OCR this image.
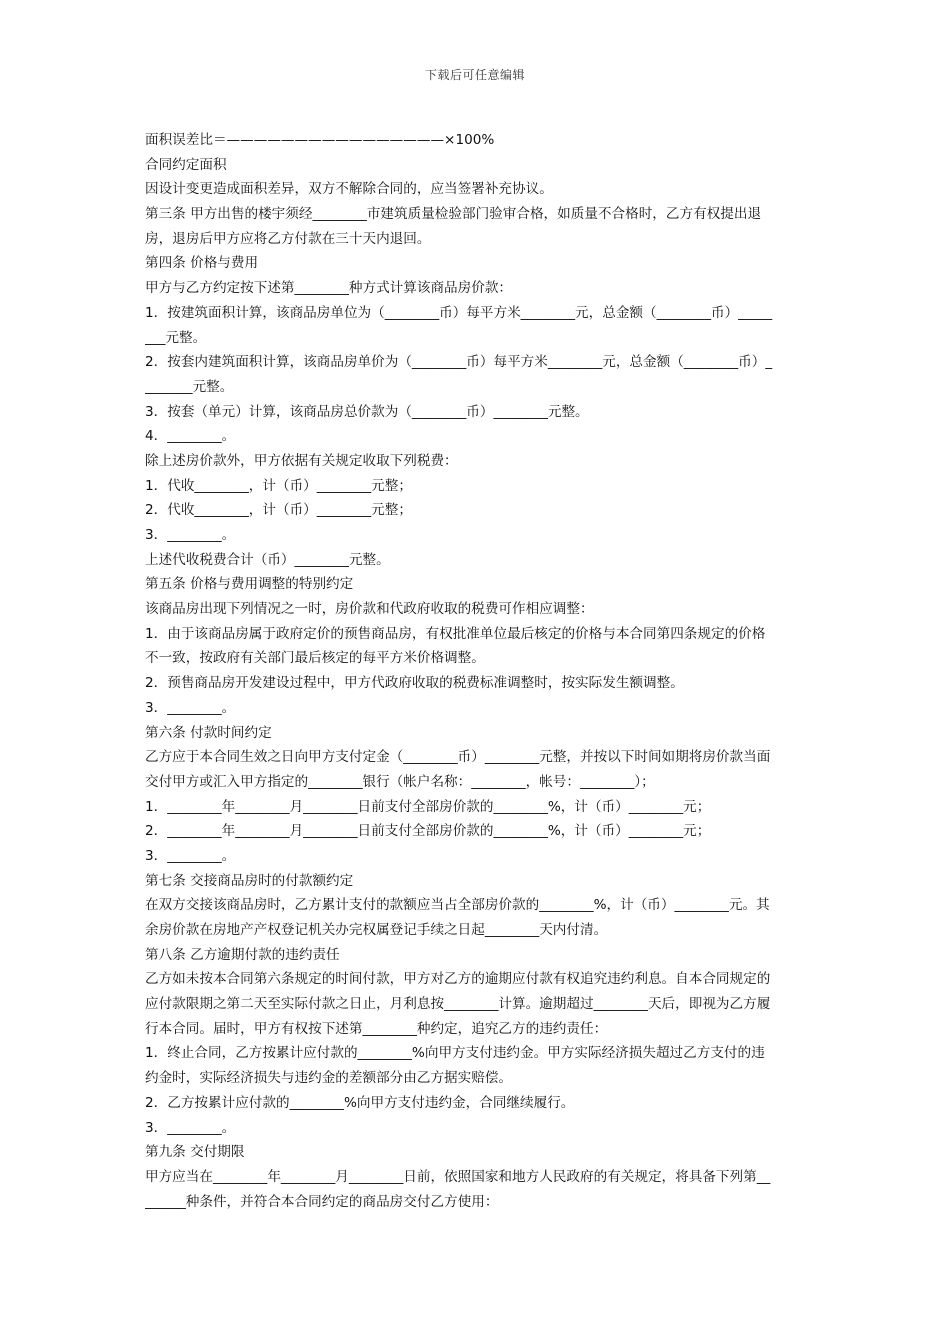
下载后可任意编辑
面积误差比＝————————————————×100%
合同约定面积
因设计变更造成面积差异，双方不解除合同的，应当签署补充协议。
第三条 甲方出售的楼宇须经________市建筑质量检验部门验审合格，如质量不合格时，乙方有权提出退
房，退房后甲方应将乙方付款在三十天内退回。
第四条 价格与费用
甲方与乙方约定按下述第________种方式计算该商品房价款：
1．按建筑面积计算，该商品房单位为（________币）每平方米________元，总金额（________币）_____
___元整。
2．按套内建筑面积计算，该商品房单价为（________币）每平方米________元，总金额（________币）_
_______元整。
3．按套（单元）计算，该商品房总价款为（________币）________元整。
4．________。
除上述房价款外，甲方依据有关规定收取下列税费：
1．代收________，计（币）________元整；
2．代收________，计（币）________元整；
3．________。
上述代收税费合计（币）________元整。
第五条 价格与费用调整的特别约定
该商品房出现下列情况之一时，房价款和代政府收取的税费可作相应调整：
1．由于该商品房属于政府定价的预售商品房，有权批准单位最后核定的价格与本合同第四条规定的价格
不一致，按政府有关部门最后核定的每平方米价格调整。
2．预售商品房开发建设过程中，甲方代政府收取的税费标准调整时，按实际发生额调整。
3．________。
第六条 付款时间约定
乙方应于本合同生效之日向甲方支付定金（________币）________元整，并按以下时间如期将房价款当面
交付甲方或汇入甲方指定的________银行（帐户名称：________，帐号：________）；
1．________年________月________日前支付全部房价款的________%，计（币）________元；
2．________年________月________日前支付全部房价款的________%，计（币）________元；
3．________。
第七条 交接商品房时的付款额约定
在双方交接该商品房时，乙方累计支付的款额应当占全部房价款的________%，计（币）________元。其
余房价款在房地产产权登记机关办完权属登记手续之日起________天内付清。
第八条 乙方逾期付款的违约责任
乙方如未按本合同第六条规定的时间付款，甲方对乙方的逾期应付款有权追究违约利息。自本合同规定的
应付款限期之第二天至实际付款之日止，月利息按________计算。逾期超过________天后，即视为乙方履
行本合同。届时，甲方有权按下述第________种约定，追究乙方的违约责任：
1．终止合同，乙方按累计应付款的________%向甲方支付违约金。甲方实际经济损失超过乙方支付的违
约金时，实际经济损失与违约金的差额部分由乙方据实赔偿。
2．乙方按累计应付款的________%向甲方支付违约金，合同继续履行。
3．________。
第九条 交付期限
甲方应当在________年________月________日前，依照国家和地方人民政府的有关规定，将具备下列第__
______种条件，并符合本合同约定的商品房交付乙方使用：
